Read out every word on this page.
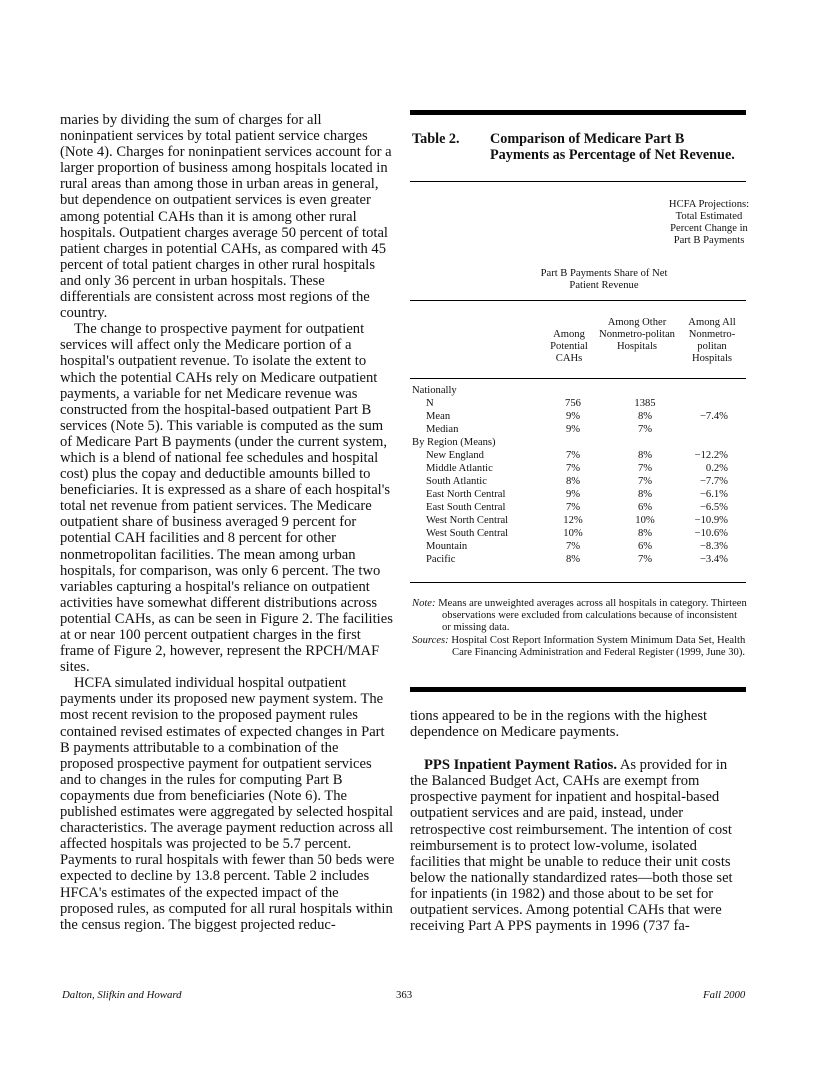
maries by dividing the sum of charges for all noninpatient services by total patient service charges (Note 4). Charges for noninpatient services account for a larger proportion of business among hospitals located in rural areas than among those in urban areas in general, but dependence on outpatient services is even greater among potential CAHs than it is among other rural hospitals. Outpatient charges average 50 percent of total patient charges in potential CAHs, as compared with 45 percent of total patient charges in other rural hospitals and only 36 percent in urban hospitals. These differentials are consistent across most regions of the country.

The change to prospective payment for outpatient services will affect only the Medicare portion of a hospital's outpatient revenue. To isolate the extent to which the potential CAHs rely on Medicare outpatient payments, a variable for net Medicare revenue was constructed from the hospital-based outpatient Part B services (Note 5). This variable is computed as the sum of Medicare Part B payments (under the current system, which is a blend of national fee schedules and hospital cost) plus the copay and deductible amounts billed to beneficiaries. It is expressed as a share of each hospital's total net revenue from patient services. The Medicare outpatient share of business averaged 9 percent for potential CAH facilities and 8 percent for other nonmetropolitan facilities. The mean among urban hospitals, for comparison, was only 6 percent. The two variables capturing a hospital's reliance on outpatient activities have somewhat different distributions across potential CAHs, as can be seen in Figure 2. The facilities at or near 100 percent outpatient charges in the first frame of Figure 2, however, represent the RPCH/MAF sites.

HCFA simulated individual hospital outpatient payments under its proposed new payment system. The most recent revision to the proposed payment rules contained revised estimates of expected changes in Part B payments attributable to a combination of the proposed prospective payment for outpatient services and to changes in the rules for computing Part B copayments due from beneficiaries (Note 6). The published estimates were aggregated by selected hospital characteristics. The average payment reduction across all affected hospitals was projected to be 5.7 percent. Payments to rural hospitals with fewer than 50 beds were expected to decline by 13.8 percent. Table 2 includes HFCA's estimates of the expected impact of the proposed rules, as computed for all rural hospitals within the census region. The biggest projected reduc-

Table 2.	Comparison of Medicare Part B Payments as Percentage of Net Revenue.
HCFA Projections: Total Estimated Percent Change in Part B Payments
Part B Payments Share of Net Patient Revenue
Among Potential CAHs
Among Other Nonmetro-politan Hospitals
Among All Nonmetro-politan Hospitals
Nationally
N	756	1385
Mean	9%	8%	−7.4%
Median	9%	7%
By Region (Means)
New England	7%	8%	−12.2%
Middle Atlantic	7%	7%	0.2%
South Atlantic	8%	7%	−7.7%
East North Central	9%	8%	−6.1%
East South Central	7%	6%	−6.5%
West North Central	12%	10%	−10.9%
West South Central	10%	8%	−10.6%
Mountain	7%	6%	−8.3%
Pacific	8%	7%	−3.4%
Note: Means are unweighted averages across all hospitals in category. Thirteen observations were excluded from calculations because of inconsistent or missing data.
Sources: Hospital Cost Report Information System Minimum Data Set, Health Care Financing Administration and Federal Register (1999, June 30).

tions appeared to be in the regions with the highest dependence on Medicare payments.

PPS Inpatient Payment Ratios. As provided for in the Balanced Budget Act, CAHs are exempt from prospective payment for inpatient and hospital-based outpatient services and are paid, instead, under retrospective cost reimbursement. The intention of cost reimbursement is to protect low-volume, isolated facilities that might be unable to reduce their unit costs below the nationally standardized rates—both those set for inpatients (in 1982) and those about to be set for outpatient services. Among potential CAHs that were receiving Part A PPS payments in 1996 (737 fa-

Dalton, Slifkin and Howard	363	Fall 2000
